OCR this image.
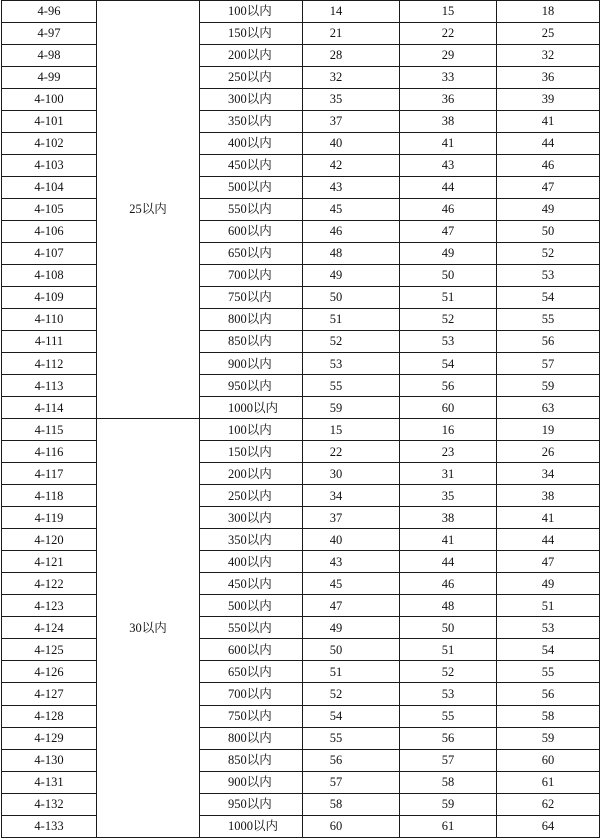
4-96	25以内	100以内	14	15	18
4-97		150以内	21	22	25
4-98		200以内	28	29	32
4-99		250以内	32	33	36
4-100		300以内	35	36	39
4-101		350以内	37	38	41
4-102		400以内	40	41	44
4-103		450以内	42	43	46
4-104		500以内	43	44	47
4-105		550以内	45	46	49
4-106		600以内	46	47	50
4-107		650以内	48	49	52
4-108		700以内	49	50	53
4-109		750以内	50	51	54
4-110		800以内	51	52	55
4-111		850以内	52	53	56
4-112		900以内	53	54	57
4-113		950以内	55	56	59
4-114		1000以内	59	60	63
4-115	30以内	100以内	15	16	19
4-116		150以内	22	23	26
4-117		200以内	30	31	34
4-118		250以内	34	35	38
4-119		300以内	37	38	41
4-120		350以内	40	41	44
4-121		400以内	43	44	47
4-122		450以内	45	46	49
4-123		500以内	47	48	51
4-124		550以内	49	50	53
4-125		600以内	50	51	54
4-126		650以内	51	52	55
4-127		700以内	52	53	56
4-128		750以内	54	55	58
4-129		800以内	55	56	59
4-130		850以内	56	57	60
4-131		900以内	57	58	61
4-132		950以内	58	59	62
4-133		1000以内	60	61	64
